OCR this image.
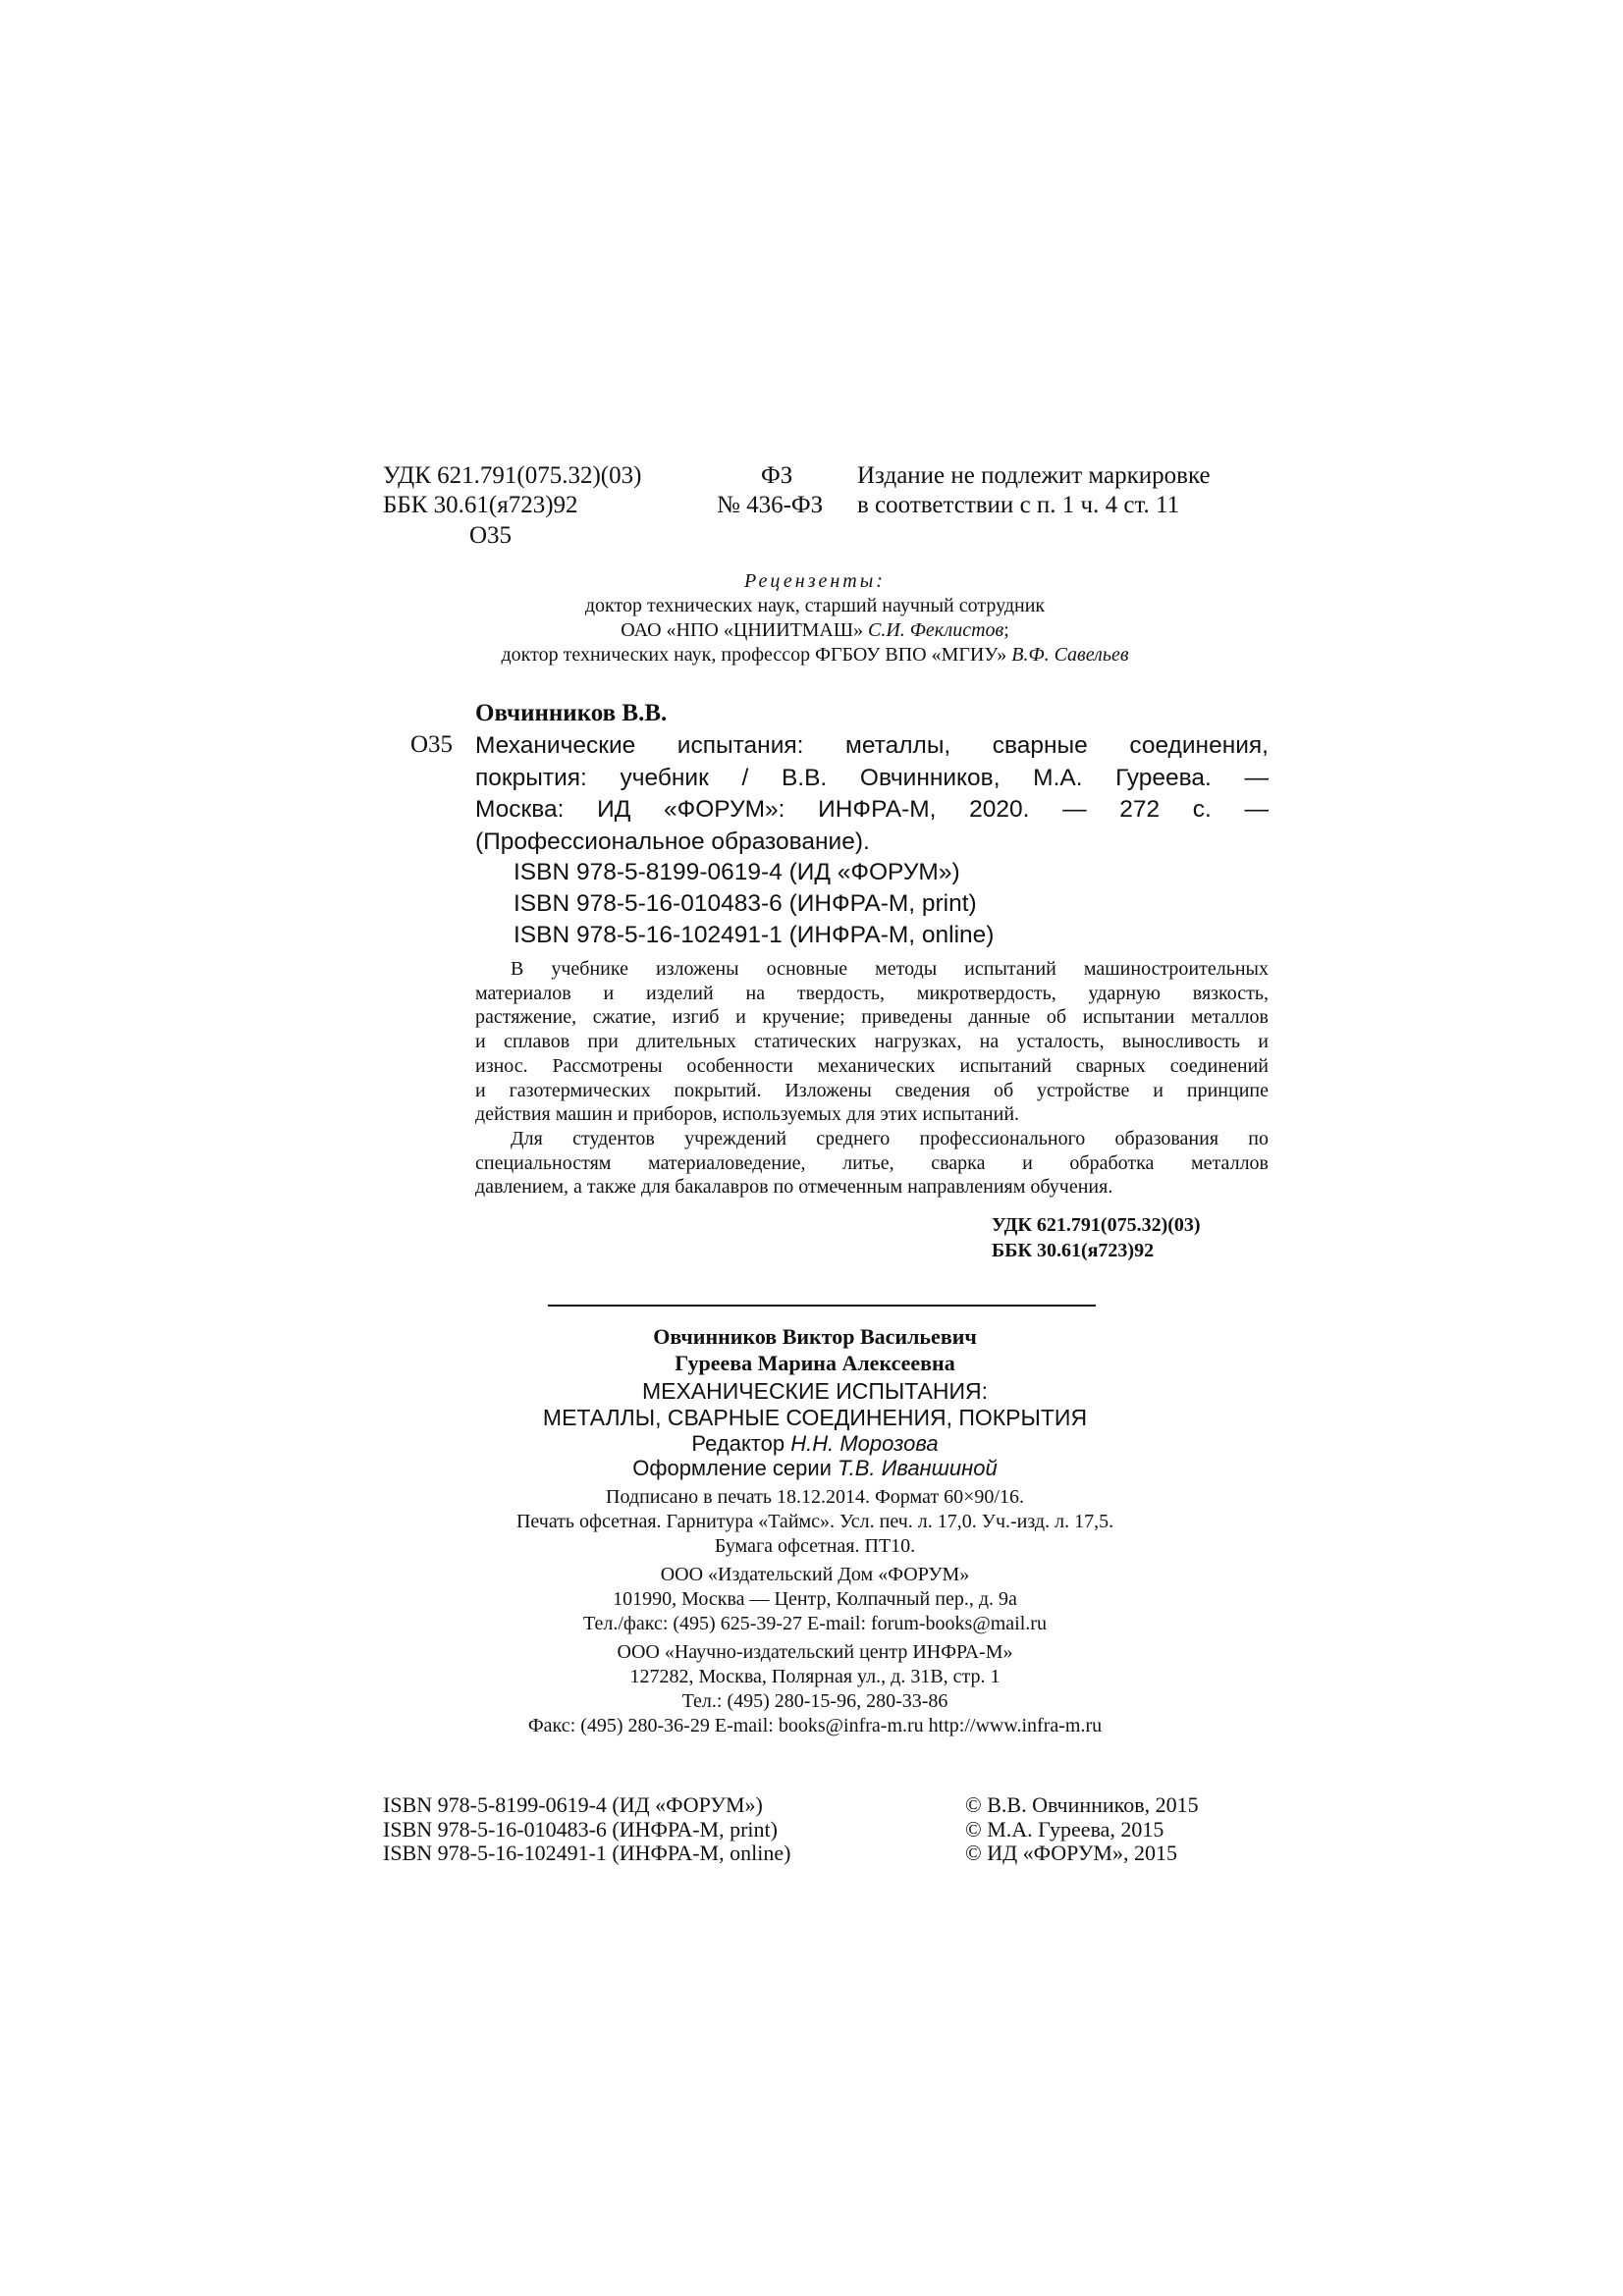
УДК 621.791(075.32)(03)
ББК 30.61(я723)92
О35
ФЗ
№ 436-ФЗ
Издание не подлежит маркировке
в соответствии с п. 1 ч. 4 ст. 11
Рецензенты:
доктор технических наук, старший научный сотрудник
ОАО «НПО «ЦНИИТМАШ» С.И. Феклистов;
доктор технических наук, профессор ФГБОУ ВПО «МГИУ» В.Ф. Савельев
Овчинников В.В.
О35 Механические испытания: металлы, сварные соединения,
покрытия: учебник / В.В. Овчинников, М.А. Гуреева. —
Москва: ИД «ФОРУМ»: ИНФРА-М, 2020. — 272 с. —
(Профессиональное образование).
ISBN 978-5-8199-0619-4 (ИД «ФОРУМ»)
ISBN 978-5-16-010483-6 (ИНФРА-М, print)
ISBN 978-5-16-102491-1 (ИНФРА-М, online)
В учебнике изложены основные методы испытаний машиностроительных
материалов и изделий на твердость, микротвердость, ударную вязкость,
растяжение, сжатие, изгиб и кручение; приведены данные об испытании металлов
и сплавов при длительных статических нагрузках, на усталость, выносливость и
износ. Рассмотрены особенности механических испытаний сварных соединений
и газотермических покрытий. Изложены сведения об устройстве и принципе
действия машин и приборов, используемых для этих испытаний.
Для студентов учреждений среднего профессионального образования по
специальностям материаловедение, литье, сварка и обработка металлов
давлением, а также для бакалавров по отмеченным направлениям обучения.
УДК 621.791(075.32)(03)
ББК 30.61(я723)92
Овчинников Виктор Васильевич
Гуреева Марина Алексеевна
МЕХАНИЧЕСКИЕ ИСПЫТАНИЯ:
МЕТАЛЛЫ, СВАРНЫЕ СОЕДИНЕНИЯ, ПОКРЫТИЯ
Редактор Н.Н. Морозова
Оформление серии Т.В. Иваншиной
Подписано в печать 18.12.2014. Формат 60×90/16.
Печать офсетная. Гарнитура «Таймс». Усл. печ. л. 17,0. Уч.-изд. л. 17,5.
Бумага офсетная. ПТ10.
ООО «Издательский Дом «ФОРУМ»
101990, Москва — Центр, Колпачный пер., д. 9а
Тел./факс: (495) 625-39-27 E-mail: forum-books@mail.ru
ООО «Научно-издательский центр ИНФРА-М»
127282, Москва, Полярная ул., д. 31В, стр. 1
Тел.: (495) 280-15-96, 280-33-86
Факс: (495) 280-36-29 E-mail: books@infra-m.ru http://www.infra-m.ru
ISBN 978-5-8199-0619-4 (ИД «ФОРУМ»)
ISBN 978-5-16-010483-6 (ИНФРА-М, print)
ISBN 978-5-16-102491-1 (ИНФРА-М, online)
© В.В. Овчинников, 2015
© М.А. Гуреева, 2015
© ИД «ФОРУМ», 2015
